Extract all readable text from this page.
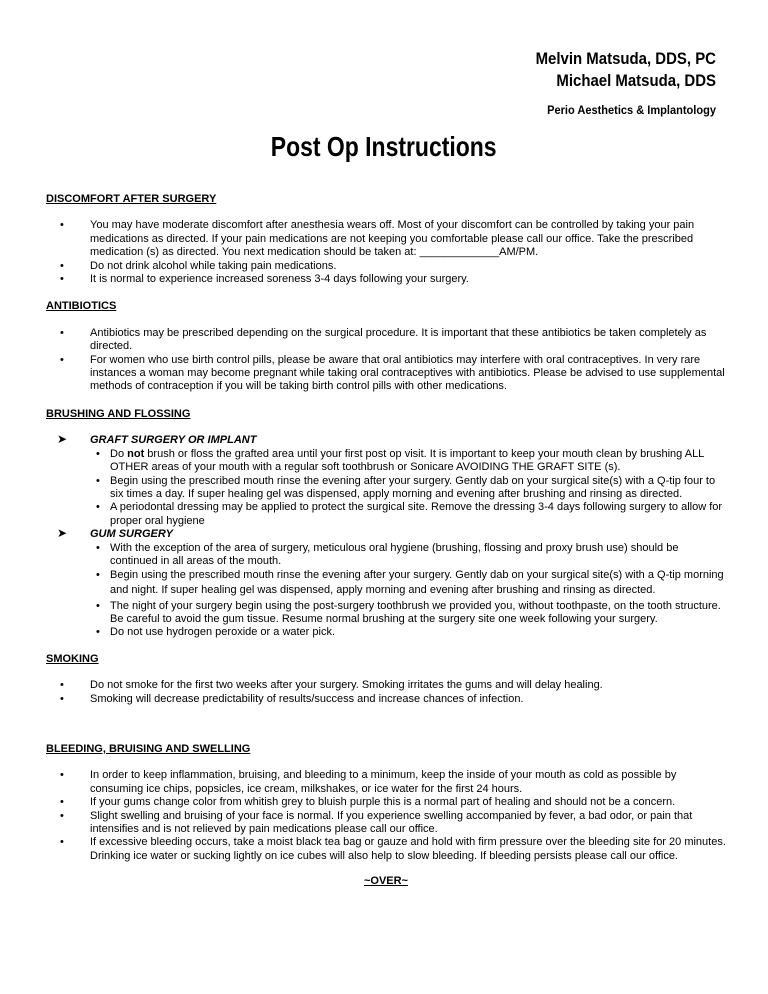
Melvin Matsuda, DDS, PC
Michael Matsuda, DDS
Perio Aesthetics & Implantology
Post Op Instructions

DISCOMFORT AFTER SURGERY

• You may have moderate discomfort after anesthesia wears off. Most of your discomfort can be controlled by taking your pain medications as directed. If your pain medications are not keeping you comfortable please call our office. Take the prescribed medication (s) as directed. You next medication should be taken at: _____________AM/PM.
• Do not drink alcohol while taking pain medications.
• It is normal to experience increased soreness 3-4 days following your surgery.

ANTIBIOTICS

• Antibiotics may be prescribed depending on the surgical procedure. It is important that these antibiotics be taken completely as directed.
• For women who use birth control pills, please be aware that oral antibiotics may interfere with oral contraceptives. In very rare instances a woman may become pregnant while taking oral contraceptives with antibiotics. Please be advised to use supplemental methods of contraception if you will be taking birth control pills with other medications.

BRUSHING AND FLOSSING

➤ GRAFT SURGERY OR IMPLANT
• Do not brush or floss the grafted area until your first post op visit. It is important to keep your mouth clean by brushing ALL OTHER areas of your mouth with a regular soft toothbrush or Sonicare AVOIDING THE GRAFT SITE (s).
• Begin using the prescribed mouth rinse the evening after your surgery. Gently dab on your surgical site(s) with a Q-tip four to six times a day. If super healing gel was dispensed, apply morning and evening after brushing and rinsing as directed.
• A periodontal dressing may be applied to protect the surgical site. Remove the dressing 3-4 days following surgery to allow for proper oral hygiene
➤ GUM SURGERY
• With the exception of the area of surgery, meticulous oral hygiene (brushing, flossing and proxy brush use) should be continued in all areas of the mouth.
• Begin using the prescribed mouth rinse the evening after your surgery. Gently dab on your surgical site(s) with a Q-tip morning and night. If super healing gel was dispensed, apply morning and evening after brushing and rinsing as directed.
• The night of your surgery begin using the post-surgery toothbrush we provided you, without toothpaste, on the tooth structure. Be careful to avoid the gum tissue. Resume normal brushing at the surgery site one week following your surgery.
• Do not use hydrogen peroxide or a water pick.

SMOKING

• Do not smoke for the first two weeks after your surgery. Smoking irritates the gums and will delay healing.
• Smoking will decrease predictability of results/success and increase chances of infection.

BLEEDING, BRUISING AND SWELLING

• In order to keep inflammation, bruising, and bleeding to a minimum, keep the inside of your mouth as cold as possible by consuming ice chips, popsicles, ice cream, milkshakes, or ice water for the first 24 hours.
• If your gums change color from whitish grey to bluish purple this is a normal part of healing and should not be a concern.
• Slight swelling and bruising of your face is normal. If you experience swelling accompanied by fever, a bad odor, or pain that intensifies and is not relieved by pain medications please call our office.
• If excessive bleeding occurs, take a moist black tea bag or gauze and hold with firm pressure over the bleeding site for 20 minutes. Drinking ice water or sucking lightly on ice cubes will also help to slow bleeding. If bleeding persists please call our office.
~OVER~
